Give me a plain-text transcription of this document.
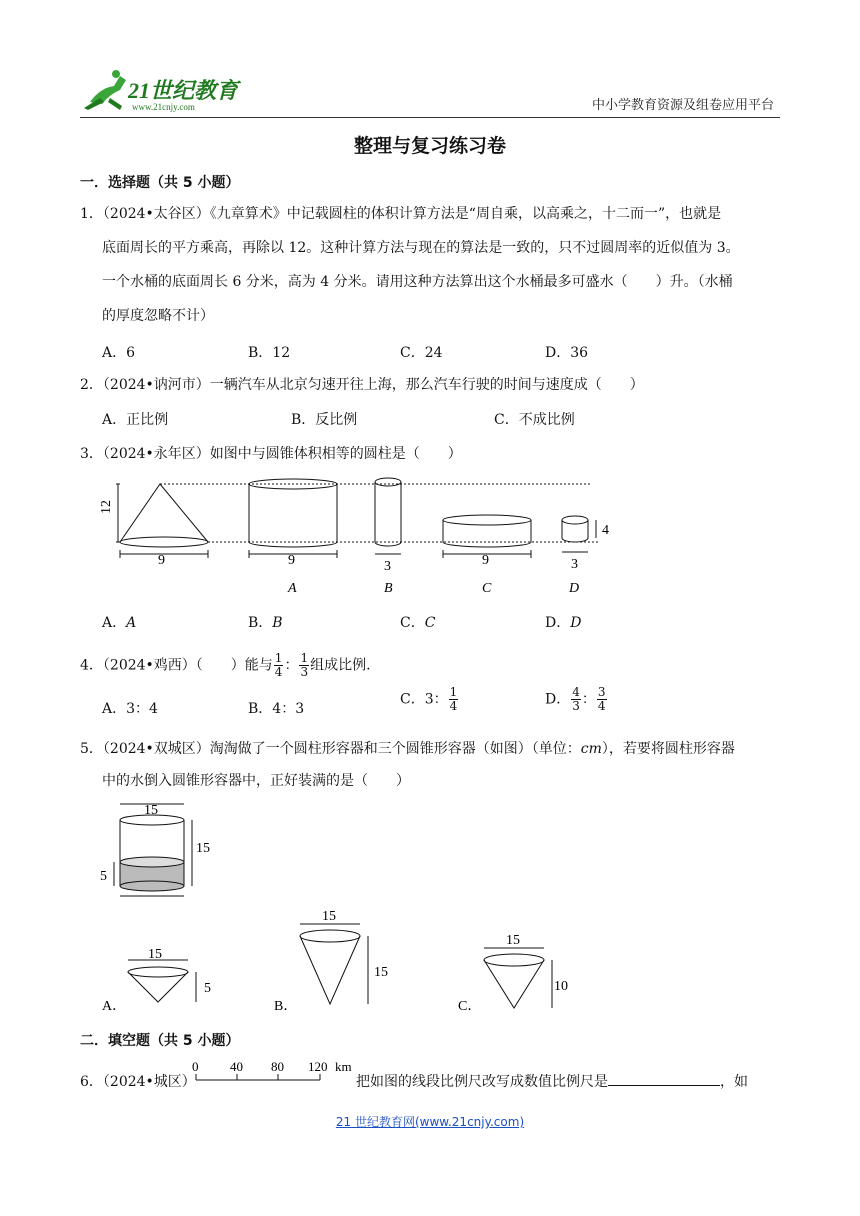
21世纪教育
www.21cnjy.com	中小学教育资源及组卷应用平台
整理与复习练习卷
一．选择题（共 5 小题）

1．（2024•太谷区）《九章算术》中记载圆柱的体积计算方法是“周自乘，以高乘之，十二而一”，也就是

底面周长的平方乘高，再除以 12。这种计算方法与现在的算法是一致的，只不过圆周率的近似值为 3。

一个水桶的底面周长 6 分米，高为 4 分米。请用这种方法算出这个水桶最多可盛水（　　）升。（水桶

的厚度忽略不计）

A．6	B．12	C．24	D．36
2．（2024•讷河市）一辆汽车从北京匀速开往上海，那么汽车行驶的时间与速度成（　　）
A．正比例	B．反比例	C．不成比例
3．（2024•永年区）如图中与圆锥体积相等的圆柱是（　　）
12
9	9
A
3
B
9
C
3
4
D
A．A	B．B	C．C	D．D
4．（2024•鸡西）（　　）能与 $\frac{1}{4}$ ： $\frac{1}{3}$ 组成比例.
A．3：4	B．4：3
C．3： $\frac{1}{4}$	D． $\frac{4}{3}$ ： $\frac{3}{4}$
5．（2024•双城区）淘淘做了一个圆柱形容器和三个圆锥形容器（如图）（单位：cm），若要将圆柱形容器
中的水倒入圆锥形容器中，正好装满的是（　　）
15
15
5
15
5
A．
15
15
B．
15
10
C．
二．填空题（共 5 小题）
6．（2024•城区）
0 40 80 120 km
把如图的线段比例尺改写成数值比例尺是	，如
21 世纪教育网(www.21cnjy.com)
